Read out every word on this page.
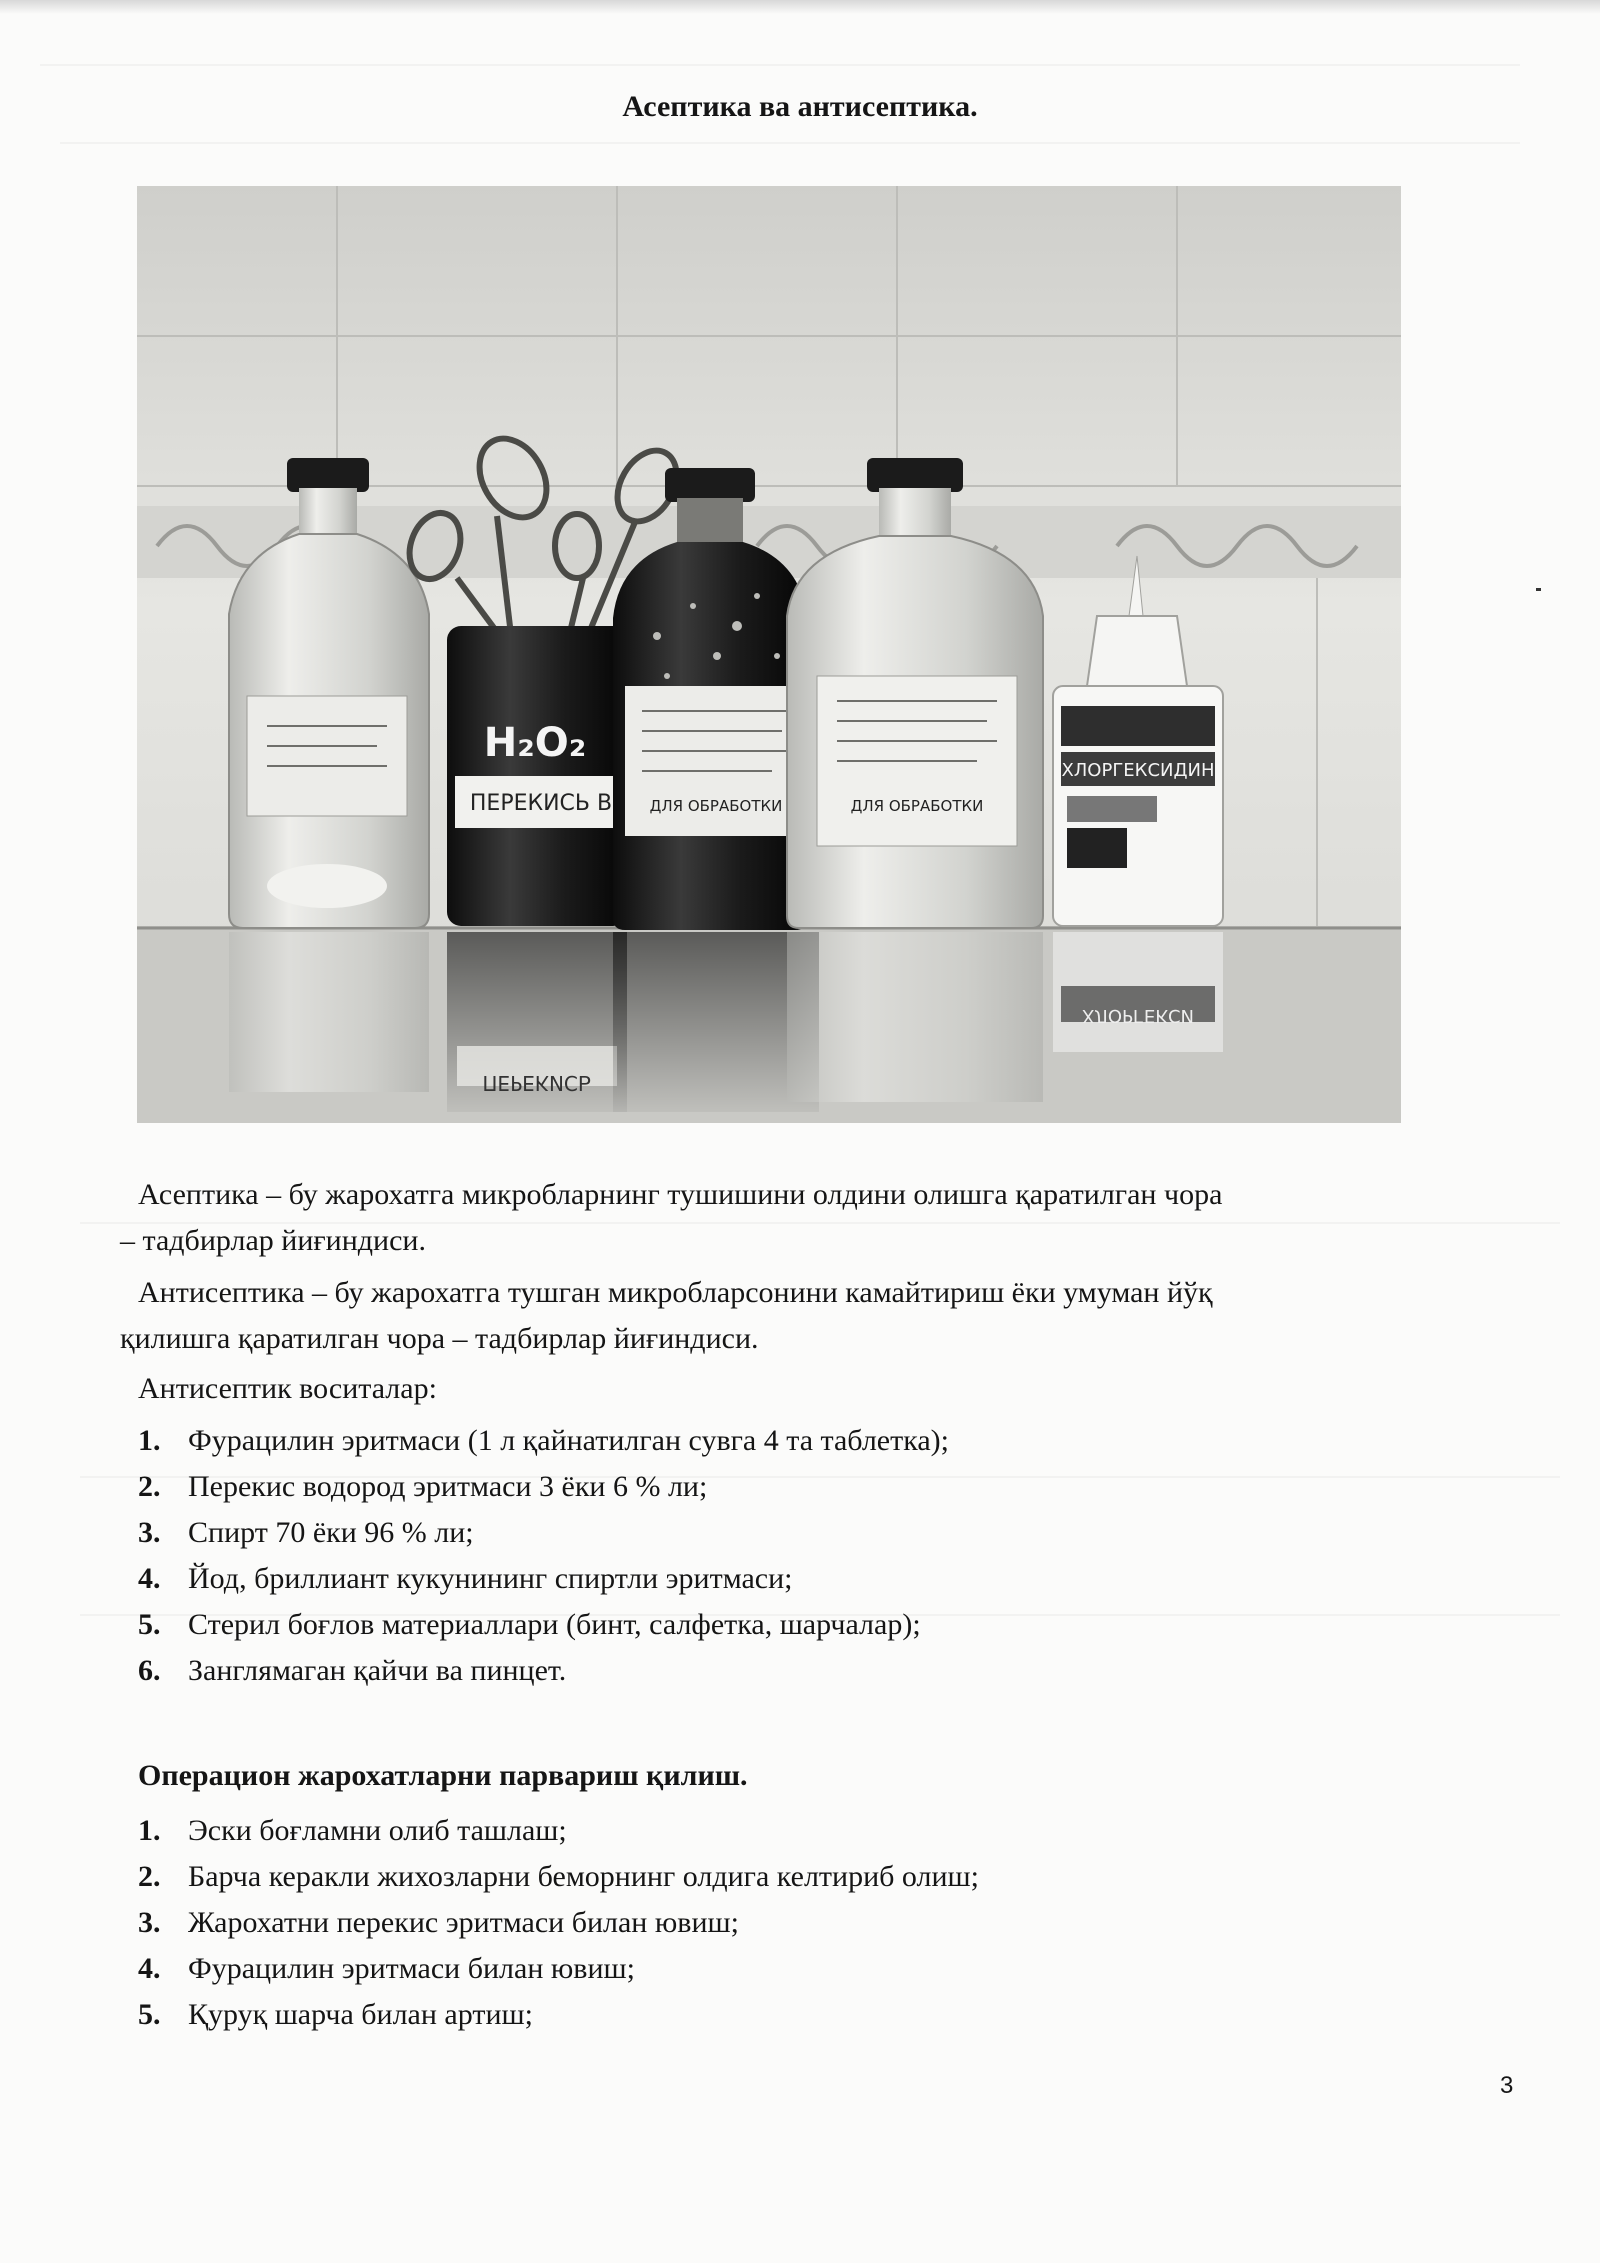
Асептика ва антисептика.
H₂O₂
ПЕРЕКИСЬ В	ДЛЯ ОБРАБОТКИ	ДЛЯ ОБРАБОТКИ
ХЛОРГЕКСИДИН
ПЕРЕКИСЬ
ХЛОРГЕКСИ

Асептика – бу жарохатга микробларнинг тушишини олдини олишга қаратилган чора
– тадбирлар йиғиндиси.

Антисептика – бу жарохатга тушган микробларсонини камайтириш ёки умуман йўқ
қилишга қаратилган чора – тадбирлар йиғиндиси.

Антисептик воситалар:

1. Фурацилин эритмаси (1 л қайнатилган сувга 4 та таблетка);
2. Перекис водород эритмаси 3 ёки 6 % ли;
3. Спирт 70 ёки 96 % ли;
4. Йод, бриллиант кукунининг спиртли эритмаси;
5. Стерил боғлов материаллари (бинт, салфетка, шарчалар);
6. Занглямаган қайчи ва пинцет.
Операцион жарохатларни парвариш қилиш.
1. Эски боғламни олиб ташлаш;
2. Барча керакли жихозларни беморнинг олдига келтириб олиш;
3. Жарохатни перекис эритмаси билан ювиш;
4. Фурацилин эритмаси билан ювиш;
5. Қуруқ шарча билан артиш;
3
